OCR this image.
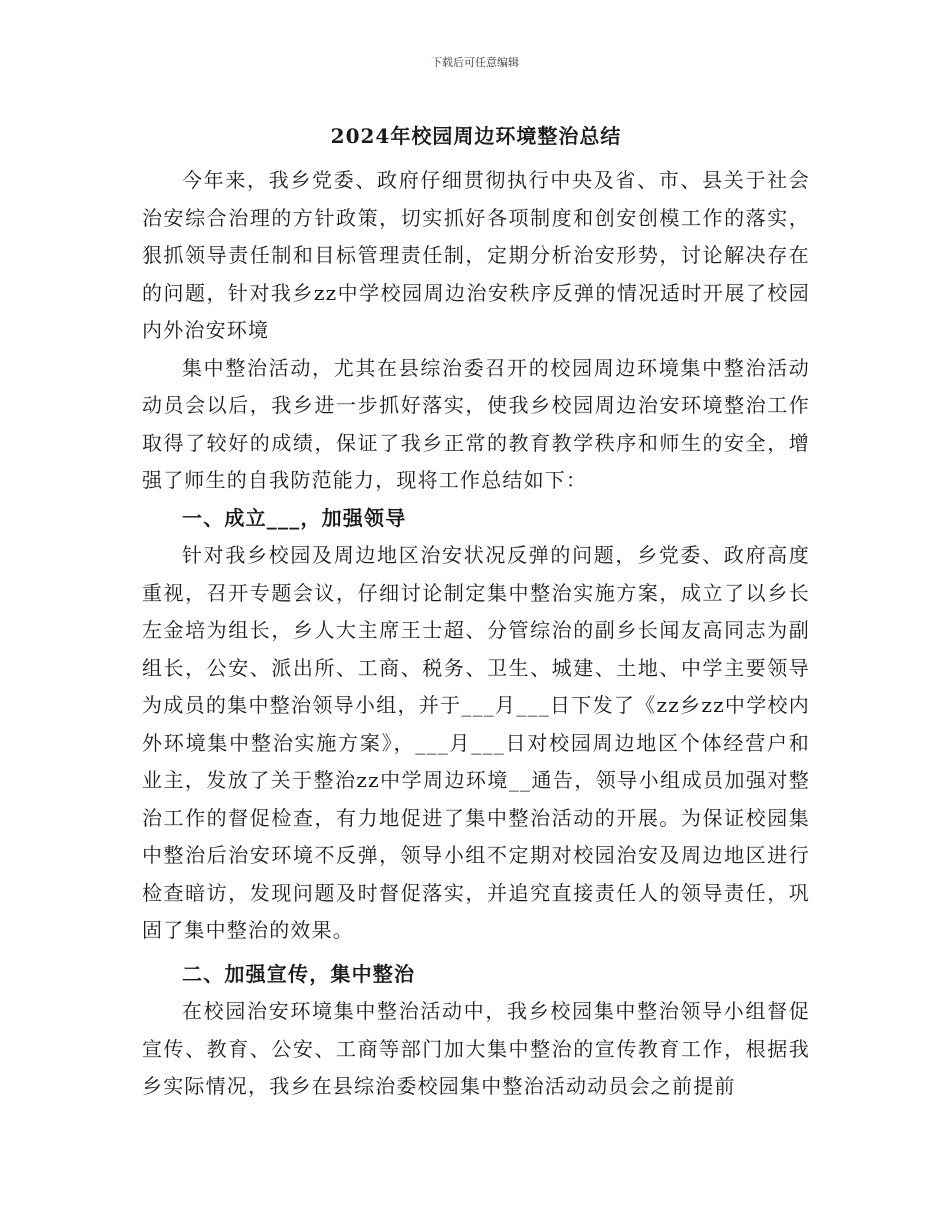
下载后可任意编辑
2024年校园周边环境整治总结

今年来，我乡党委、政府仔细贯彻执行中央及省、市、县关于社会治安综合治理的方针政策，切实抓好各项制度和创安创模工作的落实，狠抓领导责任制和目标管理责任制，定期分析治安形势，讨论解决存在的问题，针对我乡zz中学校园周边治安秩序反弹的情况适时开展了校园内外治安环境

集中整治活动，尤其在县综治委召开的校园周边环境集中整治活动动员会以后，我乡进一步抓好落实，使我乡校园周边治安环境整治工作取得了较好的成绩，保证了我乡正常的教育教学秩序和师生的安全，增强了师生的自我防范能力，现将工作总结如下：

一、成立___，加强领导

针对我乡校园及周边地区治安状况反弹的问题，乡党委、政府高度重视，召开专题会议，仔细讨论制定集中整治实施方案，成立了以乡长左金培为组长，乡人大主席王士超、分管综治的副乡长闻友高同志为副组长，公安、派出所、工商、税务、卫生、城建、土地、中学主要领导为成员的集中整治领导小组，并于___月___日下发了《zz乡zz中学校内外环境集中整治实施方案》，___月___日对校园周边地区个体经营户和业主，发放了关于整治zz中学周边环境__通告，领导小组成员加强对整治工作的督促检查，有力地促进了集中整治活动的开展。为保证校园集中整治后治安环境不反弹，领导小组不定期对校园治安及周边地区进行检查暗访，发现问题及时督促落实，并追究直接责任人的领导责任，巩固了集中整治的效果。

二、加强宣传，集中整治

在校园治安环境集中整治活动中，我乡校园集中整治领导小组督促宣传、教育、公安、工商等部门加大集中整治的宣传教育工作，根据我乡实际情况，我乡在县综治委校园集中整治活动动员会之前提前
